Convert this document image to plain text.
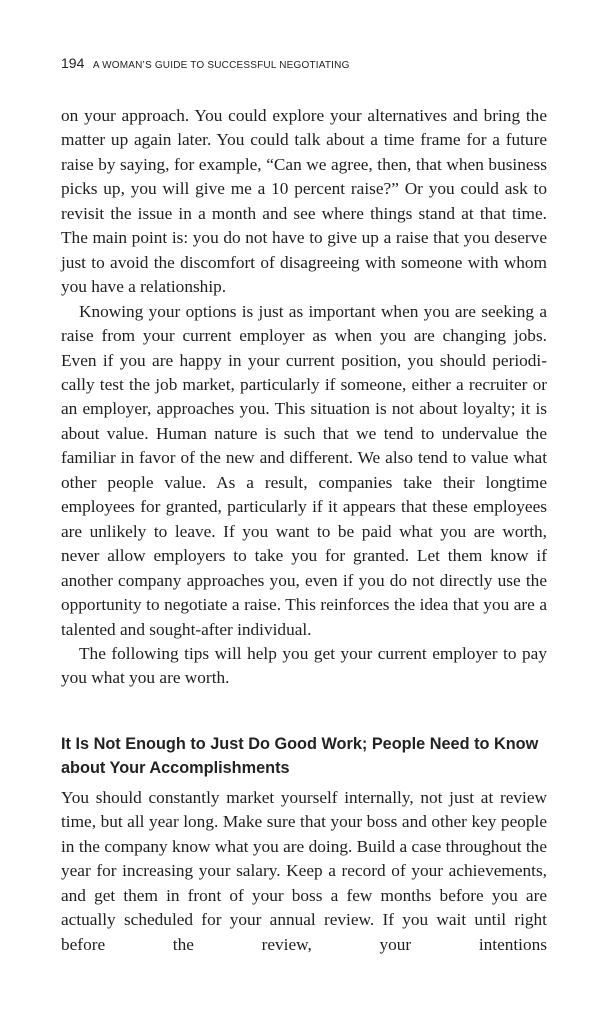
194 A WOMAN’S GUIDE TO SUCCESSFUL NEGOTIATING

on your approach. You could explore your alternatives and bring the matter up again later. You could talk about a time frame for a future raise by saying, for example, “Can we agree, then, that when business picks up, you will give me a 10 percent raise?” Or you could ask to revisit the issue in a month and see where things stand at that time. The main point is: you do not have to give up a raise that you deserve just to avoid the discomfort of disagreeing with someone with whom you have a relationship.

Knowing your options is just as important when you are seeking a raise from your current employer as when you are changing jobs. Even if you are happy in your current position, you should periodically test the job market, particularly if someone, either a recruiter or an employer, approaches you. This situation is not about loyalty; it is about value. Human nature is such that we tend to undervalue the familiar in favor of the new and different. We also tend to value what other people value. As a result, companies take their longtime employees for granted, particularly if it appears that these employees are unlikely to leave. If you want to be paid what you are worth, never allow employers to take you for granted. Let them know if another company approaches you, even if you do not directly use the opportunity to negotiate a raise. This reinforces the idea that you are a talented and sought-after individual.

The following tips will help you get your current employer to pay you what you are worth.

It Is Not Enough to Just Do Good Work; People Need to Know about Your Accomplishments

You should constantly market yourself internally, not just at review time, but all year long. Make sure that your boss and other key people in the company know what you are doing. Build a case throughout the year for increasing your salary. Keep a record of your achievements, and get them in front of your boss a few months before you are actually scheduled for your annual review. If you wait until right before the review, your intentions
